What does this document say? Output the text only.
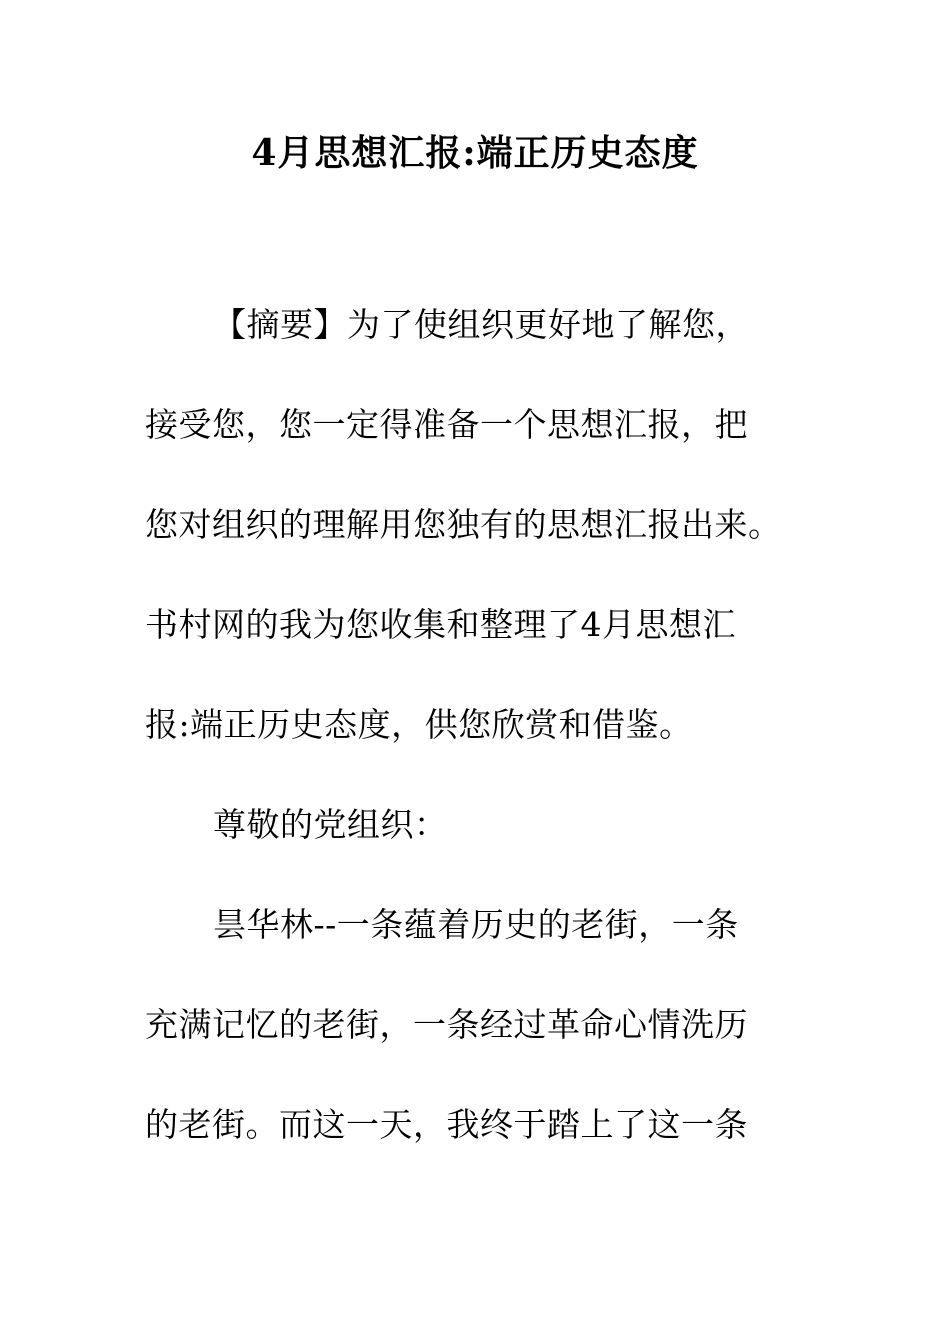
4月思想汇报:端正历史态度
【摘要】为了使组织更好地了解您，
接受您，您一定得准备一个思想汇报，把
您对组织的理解用您独有的思想汇报出来。
书村网的我为您收集和整理了4月思想汇
报:端正历史态度，供您欣赏和借鉴。
尊敬的党组织：
昙华林--一条蕴着历史的老街，一条
充满记忆的老街，一条经过革命心情洗历
的老街。而这一天，我终于踏上了这一条
